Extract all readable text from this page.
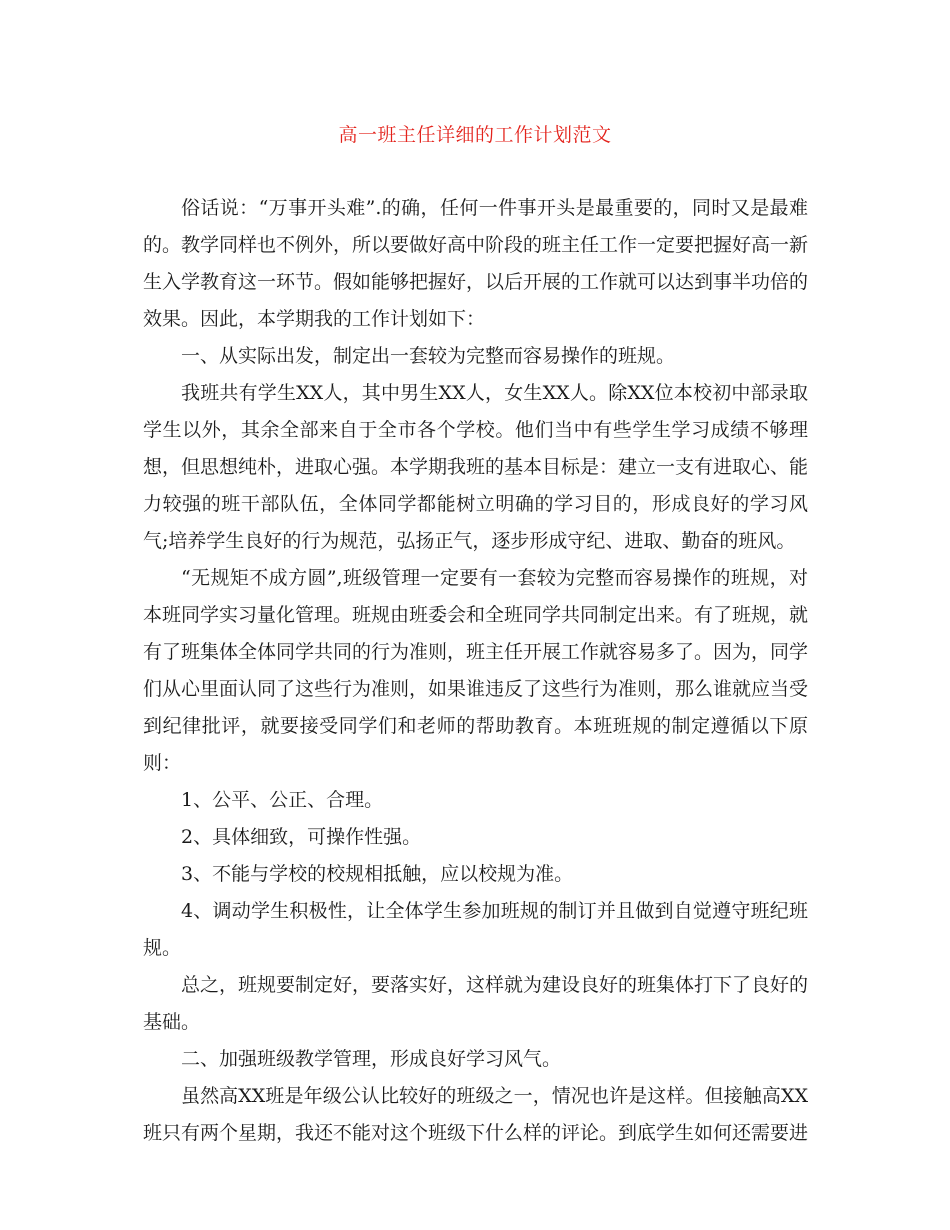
高一班主任详细的工作计划范文

俗话说：“万事开头难”.的确，任何一件事开头是最重要的，同时又是最难的。教学同样也不例外，所以要做好高中阶段的班主任工作一定要把握好高一新生入学教育这一环节。假如能够把握好，以后开展的工作就可以达到事半功倍的效果。因此，本学期我的工作计划如下：

一、从实际出发，制定出一套较为完整而容易操作的班规。

我班共有学生XX人，其中男生XX人，女生XX人。除XX位本校初中部录取学生以外，其余全部来自于全市各个学校。他们当中有些学生学习成绩不够理想，但思想纯朴，进取心强。本学期我班的基本目标是：建立一支有进取心、能力较强的班干部队伍，全体同学都能树立明确的学习目的，形成良好的学习风气;培养学生良好的行为规范，弘扬正气，逐步形成守纪、进取、勤奋的班风。

“无规矩不成方圆”,班级管理一定要有一套较为完整而容易操作的班规，对本班同学实习量化管理。班规由班委会和全班同学共同制定出来。有了班规，就有了班集体全体同学共同的行为准则，班主任开展工作就容易多了。因为，同学们从心里面认同了这些行为准则，如果谁违反了这些行为准则，那么谁就应当受到纪律批评，就要接受同学们和老师的帮助教育。本班班规的制定遵循以下原则：

1、公平、公正、合理。

2、具体细致，可操作性强。

3、不能与学校的校规相抵触，应以校规为准。

4、调动学生积极性，让全体学生参加班规的制订并且做到自觉遵守班纪班规。

总之，班规要制定好，要落实好，这样就为建设良好的班集体打下了良好的基础。

二、加强班级教学管理，形成良好学习风气。

虽然高XX班是年级公认比较好的班级之一，情况也许是这样。但接触高XX班只有两个星期，我还不能对这个班级下什么样的评论。到底学生如何还需要进
